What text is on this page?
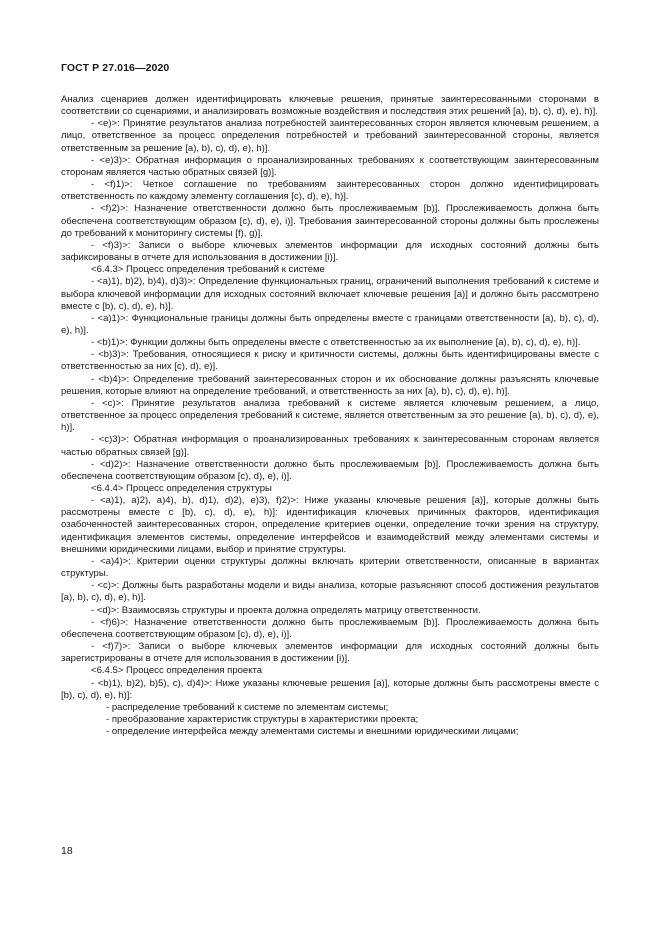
ГОСТ Р 27.016—2020

Анализ сценариев должен идентифицировать ключевые решения, принятые заинтересованными сторонами в соответствии со сценариями, и анализировать возможные воздействия и последствия этих решений [a), b), c), d), e), h)].

- <e)>: Принятие результатов анализа потребностей заинтересованных сторон является ключевым решением, а лицо, ответственное за процесс определения потребностей и требований заинтересованной стороны, является ответственным за решение [a), b), c), d), e), h)].

- <e)3)>: Обратная информация о проанализированных требованиях к соответствующим заинтересованным сторонам является частью обратных связей [g)].

- <f)1)>: Четкое соглашение по требованиям заинтересованных сторон должно идентифицировать ответственность по каждому элементу соглашения [c), d), e), h)].

- <f)2)>: Назначение ответственности должно быть прослеживаемым [b)]. Прослеживаемость должна быть обеспечена соответствующим образом [c), d), e), i)]. Требования заинтересованной стороны должны быть прослежены до требований к мониторингу системы [f), g)].

- <f)3)>: Записи о выборе ключевых элементов информации для исходных состояний должны быть зафиксированы в отчете для использования в достижении [i)].

<6.4.3> Процесс определения требований к системе

- <a)1), b)2), b)4), d)3)>: Определение функциональных границ, ограничений выполнения требований к системе и выбора ключевой информации для исходных состояний включает ключевые решения [a)] и должно быть рассмотрено вместе с [b), c), d), e), h)].

- <a)1)>: Функциональные границы должны быть определены вместе с границами ответственности [a), b), c), d), e), h)].

- <b)1)>: Функции должны быть определены вместе с ответственностью за их выполнение [a), b), c), d), e), h)].

- <b)3)>: Требования, относящиеся к риску и критичности системы, должны быть идентифицированы вместе с ответственностью за них [c), d), e)].

- <b)4)>: Определение требований заинтересованных сторон и их обоснование должны разъяснять ключевые решения, которые влияют на определение требований, и ответственность за них [a), b), c), d), e), h)].

- <c)>: Принятие результатов анализа требований к системе является ключевым решением, а лицо, ответственное за процесс определения требований к системе, является ответственным за это решение [a), b), c), d), e), h)].

- <c)3)>: Обратная информация о проанализированных требованиях к заинтересованным сторонам является частью обратных связей [g)].

- <d)2)>: Назначение ответственности должно быть прослеживаемым [b)]. Прослеживаемость должна быть обеспечена соответствующим образом [c), d), e), i)].

<6.4.4> Процесс определения структуры

- <a)1), a)2), a)4), b), d)1), d)2), e)3), f)2)>: Ниже указаны ключевые решения [a)], которые должны быть рассмотрены вместе с [b), c), d), e), h)]: идентификация ключевых причинных факторов, идентификация озабоченностей заинтересованных сторон, определение критериев оценки, определение точки зрения на структуру, идентификация элементов системы, определение интерфейсов и взаимодействий между элементами системы и внешними юридическими лицами, выбор и принятие структуры.

- <a)4)>: Критерии оценки структуры должны включать критерии ответственности, описанные в вариантах структуры.

- <c)>: Должны быть разработаны модели и виды анализа, которые разъясняют способ достижения результатов [a), b), c), d), e), h)].

- <d)>: Взаимосвязь структуры и проекта должна определять матрицу ответственности.

- <f)6)>: Назначение ответственности должно быть прослеживаемым [b)]. Прослеживаемость должна быть обеспечена соответствующим образом [c), d), e), i)].

- <f)7)>: Записи о выборе ключевых элементов информации для исходных состояний должны быть зарегистрированы в отчете для использования в достижении [i)].

<6.4.5> Процесс определения проекта

- <b)1), b)2), b)5), c), d)4)>: Ниже указаны ключевые решения [a)], которые должны быть рассмотрены вместе с [b), c), d), e), h)]:

- распределение требований к системе по элементам системы;

- преобразование характеристик структуры в характеристики проекта;

- определение интерфейса между элементами системы и внешними юридическими лицами;

18
